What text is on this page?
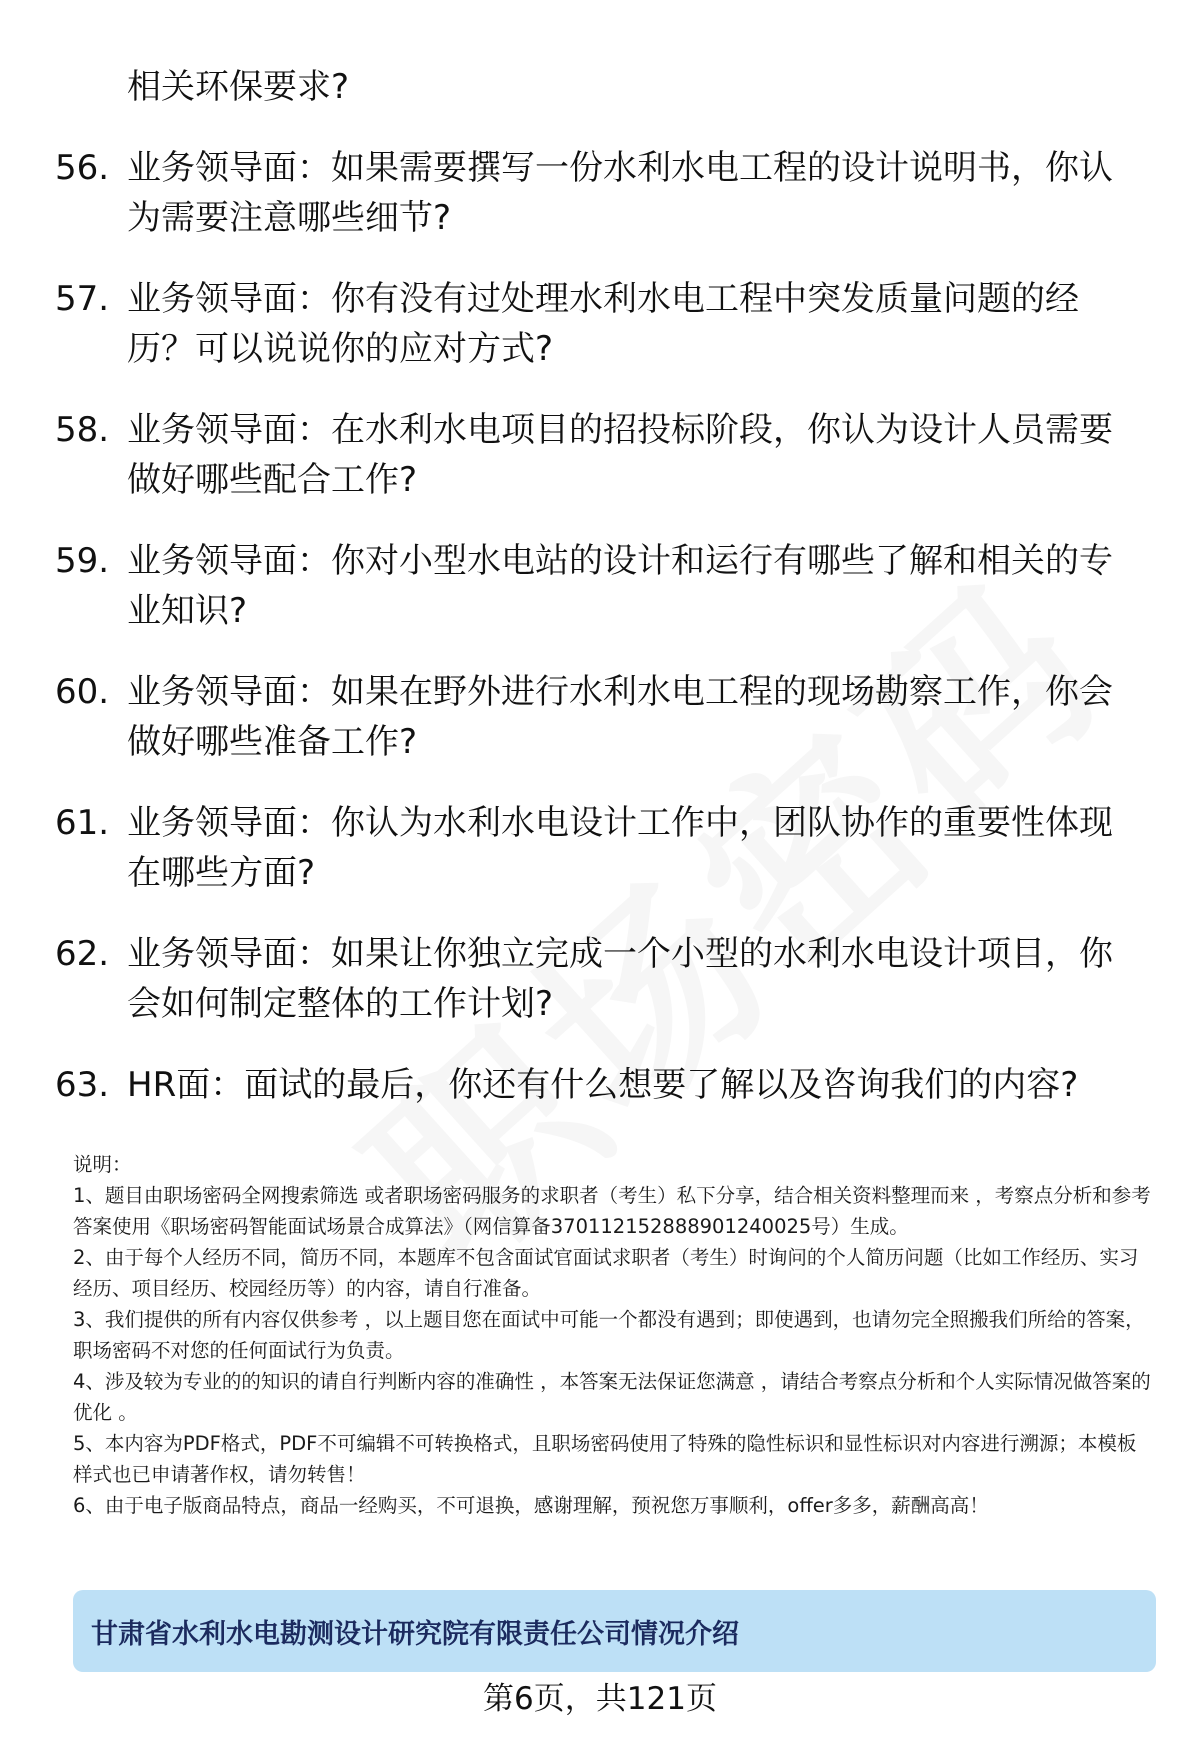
相关环保要求?
56. 业务领导面：如果需要撰写一份水利水电工程的设计说明书，你认为需要注意哪些细节?
57. 业务领导面：你有没有过处理水利水电工程中突发质量问题的经历？可以说说你的应对方式?
58. 业务领导面：在水利水电项目的招投标阶段，你认为设计人员需要做好哪些配合工作?
59. 业务领导面：你对小型水电站的设计和运行有哪些了解和相关的专业知识?
60. 业务领导面：如果在野外进行水利水电工程的现场勘察工作，你会做好哪些准备工作?
61. 业务领导面：你认为水利水电设计工作中，团队协作的重要性体现在哪些方面?
62. 业务领导面：如果让你独立完成一个小型的水利水电设计项目，你会如何制定整体的工作计划?
63. HR面：面试的最后，你还有什么想要了解以及咨询我们的内容?

说明：

1、题目由职场密码全网搜索筛选 或者职场密码服务的求职者（考生）私下分享，结合相关资料整理而来 ，考察点分析和参考答案使用《职场密码智能面试场景合成算法》（网信算备370112152888901240025号）生成。

2、由于每个人经历不同，简历不同，本题库不包含面试官面试求职者（考生）时询问的个人简历问题（比如工作经历、实习经历、项目经历、校园经历等）的内容，请自行准备。

3、我们提供的所有内容仅供参考 ，以上题目您在面试中可能一个都没有遇到；即使遇到，也请勿完全照搬我们所给的答案，职场密码不对您的任何面试行为负责。

4、涉及较为专业的的知识的请自行判断内容的准确性 ，本答案无法保证您满意 ，请结合考察点分析和个人实际情况做答案的优化 。

5、本内容为PDF格式，PDF不可编辑不可转换格式，且职场密码使用了特殊的隐性标识和显性标识对内容进行溯源；本模板样式也已申请著作权，请勿转售！

6、由于电子版商品特点，商品一经购买，不可退换，感谢理解，预祝您万事顺利，offer多多，薪酬高高！

甘肃省水利水电勘测设计研究院有限责任公司情况介绍
第6页，共121页
